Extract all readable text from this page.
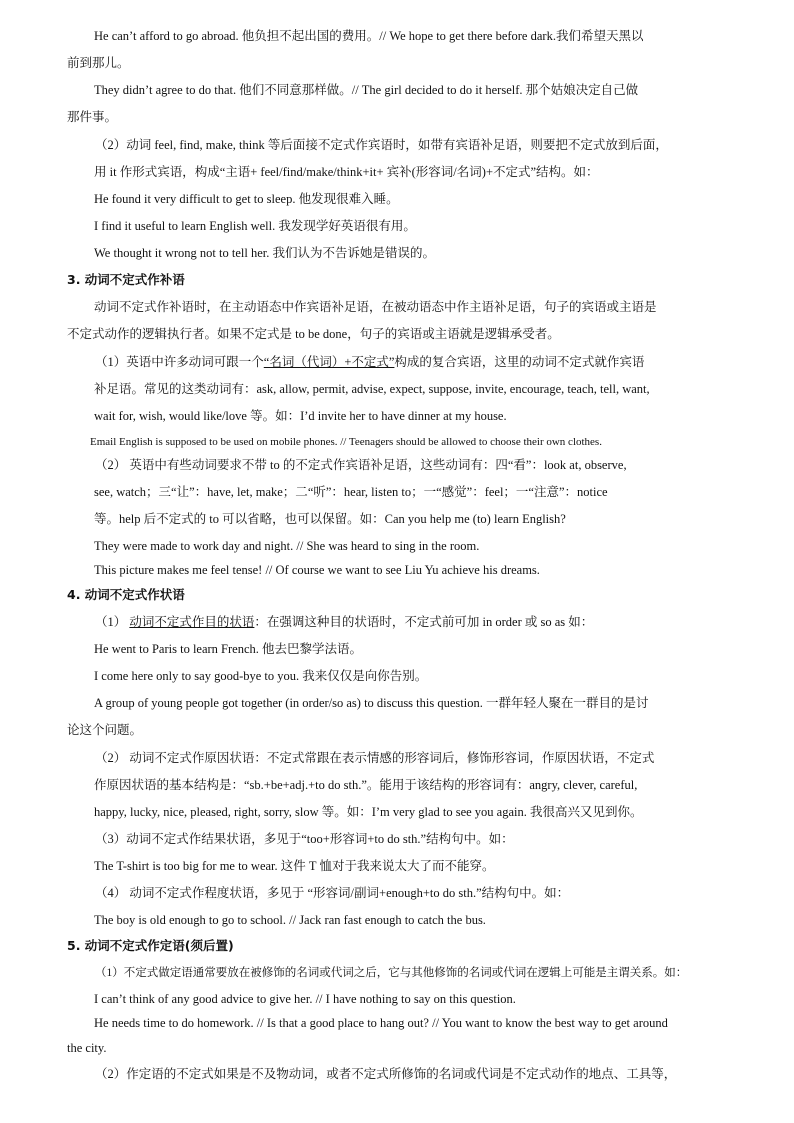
He can’t afford to go abroad. 他负担不起出国的费用。// We hope to get there before dark.我们希望天黑以
前到那儿。
They didn’t agree to do that. 他们不同意那样做。// The girl decided to do it herself. 那个姑娘决定自己做
那件事。
（2）动词 feel, find, make, think 等后面接不定式作宾语时，如带有宾语补足语，则要把不定式放到后面，
用 it 作形式宾语，构成“主语+ feel/find/make/think+it+ 宾补(形容词/名词)+不定式”结构。如：
He found it very difficult to get to sleep. 他发现很难入睡。
I find it useful to learn English well. 我发现学好英语很有用。
We thought it wrong not to tell her. 我们认为不告诉她是错误的。
3. 动词不定式作补语
动词不定式作补语时，在主动语态中作宾语补足语，在被动语态中作主语补足语，句子的宾语或主语是
不定式动作的逻辑执行者。如果不定式是 to be done，句子的宾语或主语就是逻辑承受者。
（1）英语中许多动词可跟一个“名词（代词）+不定式”构成的复合宾语，这里的动词不定式就作宾语
补足语。常见的这类动词有：ask, allow, permit, advise, expect, suppose, invite, encourage, teach, tell, want,
wait for, wish, would like/love 等。如：I’d invite her to have dinner at my house.
Email English is supposed to be used on mobile phones. // Teenagers should be allowed to choose their own clothes.
（2） 英语中有些动词要求不带 to 的不定式作宾语补足语，这些动词有：四“看”：look at, observe,
see, watch；三“让”：have, let, make；二“听”：hear, listen to；一“感觉”：feel；一“注意”：notice
等。help 后不定式的 to 可以省略，也可以保留。如：Can you help me (to) learn English?
They were made to work day and night. // She was heard to sing in the room.
This picture makes me feel tense! // Of course we want to see Liu Yu achieve his dreams.
4. 动词不定式作状语
（1） 动词不定式作目的状语：在强调这种目的状语时，不定式前可加 in order 或 so as 如：
He went to Paris to learn French. 他去巴黎学法语。
I come here only to say good-bye to you. 我来仅仅是向你告别。
A group of young people got together (in order/so as) to discuss this question. 一群年轻人聚在一群目的是讨
论这个问题。
（2） 动词不定式作原因状语：不定式常跟在表示情感的形容词后，修饰形容词，作原因状语，不定式
作原因状语的基本结构是：“sb.+be+adj.+to do sth.”。能用于该结构的形容词有：angry, clever, careful,
happy, lucky, nice, pleased, right, sorry, slow 等。如：I’m very glad to see you again. 我很高兴又见到你。
（3）动词不定式作结果状语，多见于“too+形容词+to do sth.”结构句中。如：
The T-shirt is too big for me to wear. 这件 T 恤对于我来说太大了而不能穿。
（4） 动词不定式作程度状语，多见于 “形容词/副词+enough+to do sth.”结构句中。如：
The boy is old enough to go to school. // Jack ran fast enough to catch the bus.
5. 动词不定式作定语(须后置)
（1）不定式做定语通常要放在被修饰的名词或代词之后，它与其他修饰的名词或代词在逻辑上可能是主谓关系。如：
I can’t think of any good advice to give her. // I have nothing to say on this question.
He needs time to do homework. // Is that a good place to hang out? // You want to know the best way to get around
the city.
（2）作定语的不定式如果是不及物动词，或者不定式所修饰的名词或代词是不定式动作的地点、工具等，
